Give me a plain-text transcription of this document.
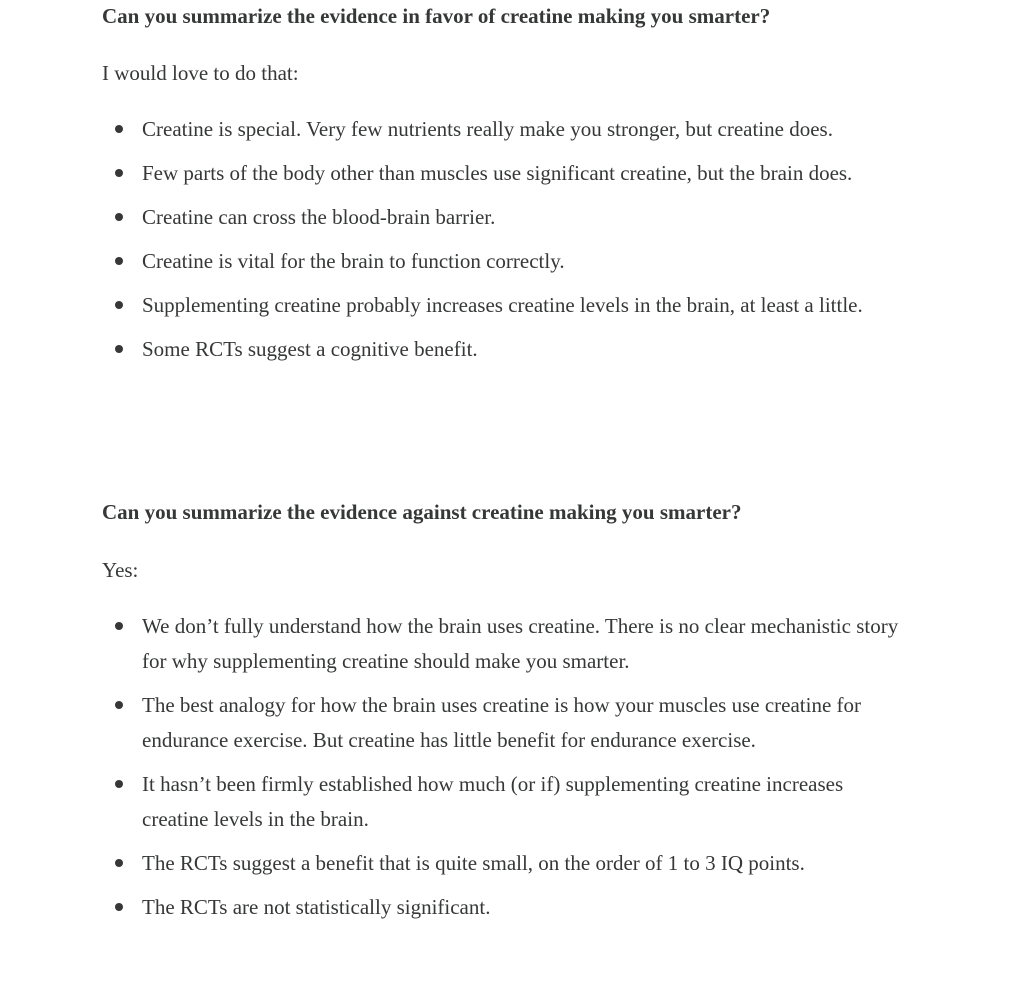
Can you summarize the evidence in favor of creatine making you smarter?

I would love to do that:

Creatine is special. Very few nutrients really make you stronger, but creatine does.
Few parts of the body other than muscles use significant creatine, but the brain does.
Creatine can cross the blood-brain barrier.
Creatine is vital for the brain to function correctly.
Supplementing creatine probably increases creatine levels in the brain, at least a little.
Some RCTs suggest a cognitive benefit.

Can you summarize the evidence against creatine making you smarter?

Yes:

We don’t fully understand how the brain uses creatine. There is no clear mechanistic story for why supplementing creatine should make you smarter.
The best analogy for how the brain uses creatine is how your muscles use creatine for endurance exercise. But creatine has little benefit for endurance exercise.
It hasn’t been firmly established how much (or if) supplementing creatine increases creatine levels in the brain.
The RCTs suggest a benefit that is quite small, on the order of 1 to 3 IQ points.
The RCTs are not statistically significant.
